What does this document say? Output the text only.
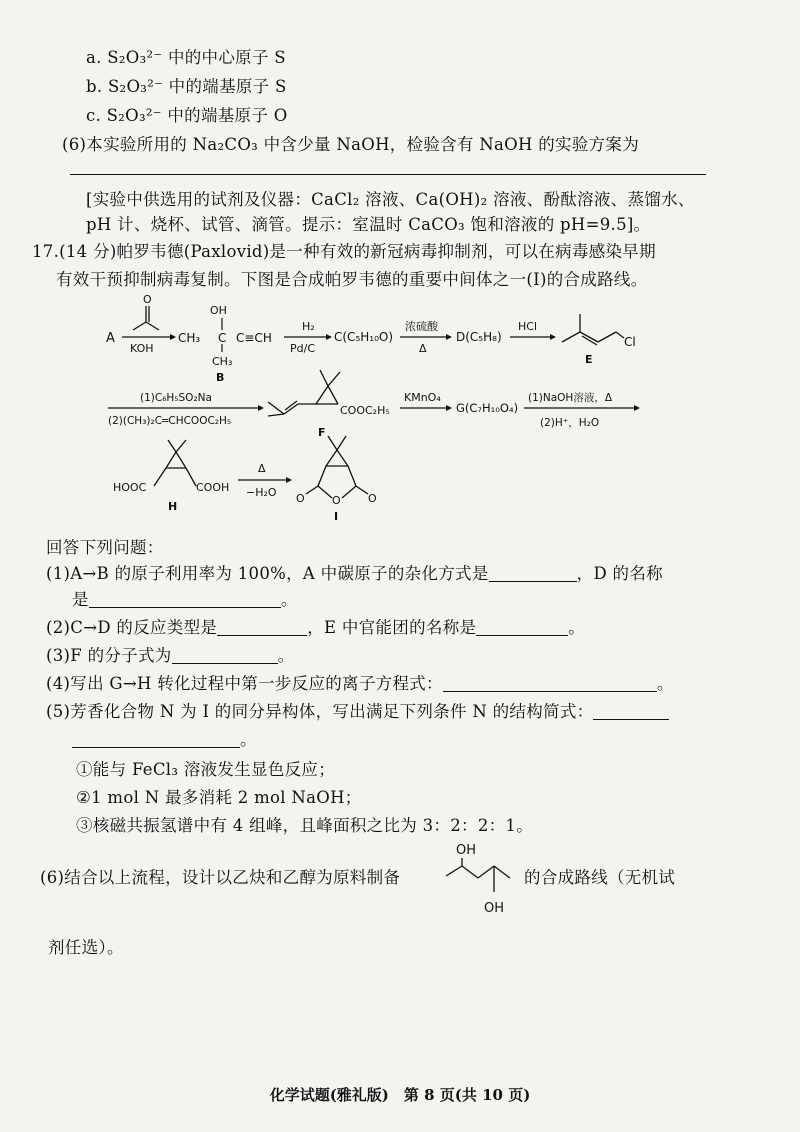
a. S₂O₃²⁻ 中的中心原子 S
b. S₂O₃²⁻ 中的端基原子 S
c. S₂O₃²⁻ 中的端基原子 O
(6)本实验所用的 Na₂CO₃ 中含少量 NaOH，检验含有 NaOH 的实验方案为
[实验中供选用的试剂及仪器：CaCl₂ 溶液、Ca(OH)₂ 溶液、酚酞溶液、蒸馏水、
pH 计、烧杯、试管、滴管。提示：室温时 CaCO₃ 饱和溶液的 pH=9.5]。
17.(14 分)帕罗韦德(Paxlovid)是一种有效的新冠病毒抑制剂，可以在病毒感染早期
有效干预抑制病毒复制。下图是合成帕罗韦德的重要中间体之一(I)的合成路线。
A
O
KOH
OH
CH₃ C C≡CH
CH₃
B
H₂
Pd/C
C(C₅H₁₀O)
浓硫酸
Δ
D(C₅H₈)
HCl
Cl
E
(1)C₆H₅SO₂Na
(2)(CH₃)₂C═CHCOOC₂H₅
COOC₂H₅
F
KMnO₄
G(C₇H₁₀O₄)
(1)NaOH溶液，Δ
(2)H⁺，H₂O
HOOC	COOH
H
Δ
−H₂O O O O
I
回答下列问题：
(1)A→B 的原子利用率为 100%，A 中碳原子的杂化方式是	，D 的名称
是	。
(2)C→D 的反应类型是	，E 中官能团的名称是	。
(3)F 的分子式为	。
(4)写出 G→H 转化过程中第一步反应的离子方程式：	。
(5)芳香化合物 N 为 I 的同分异构体，写出满足下列条件 N 的结构简式：
。
①能与 FeCl₃ 溶液发生显色反应；
②1 mol N 最多消耗 2 mol NaOH；
③核磁共振氢谱中有 4 组峰，且峰面积之比为 3：2：2：1。
(6)结合以上流程，设计以乙炔和乙醇为原料制备
OH
OH
的合成路线（无机试
剂任选）。
化学试题(雅礼版)　第 8 页(共 10 页)
